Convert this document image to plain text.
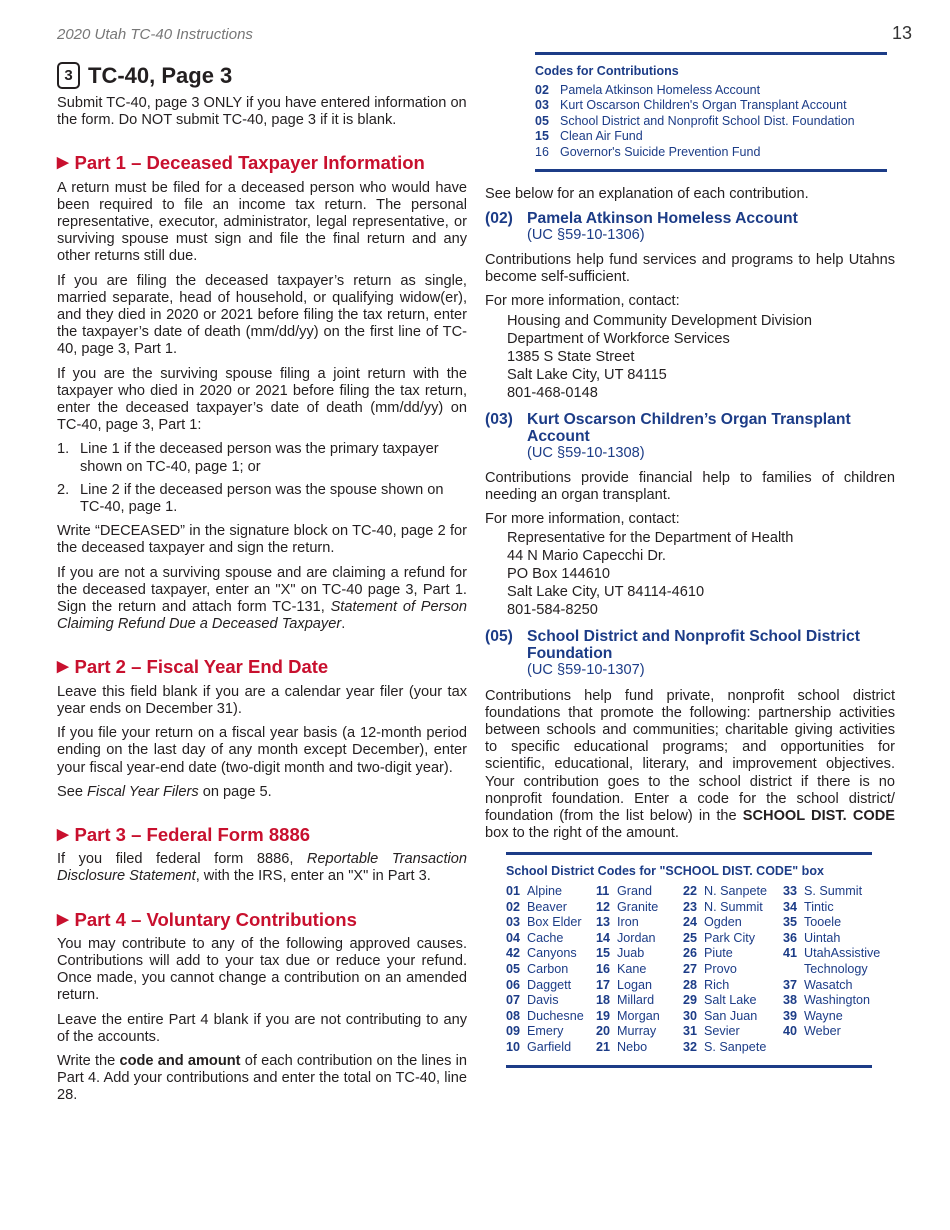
2020 Utah TC-40 Instructions	13
3 TC-40, Page 3

Submit TC-40, page 3 ONLY if you have entered information on the form. Do NOT submit TC-40, page 3 if it is blank.

▶ Part 1 – Deceased Taxpayer Information

A return must be filed for a deceased person who would have been required to file an income tax return. The personal representative, executor, administrator, legal representative, or surviving spouse must sign and file the final return and any other returns still due.

If you are filing the deceased taxpayer’s return as single, married separate, head of household, or qualifying widow(er), and they died in 2020 or 2021 before filing the tax return, enter the taxpayer’s date of death (mm/dd/yy) on the first line of TC-40, page 3, Part 1.

If you are the surviving spouse filing a joint return with the taxpayer who died in 2020 or 2021 before filing the tax return, enter the deceased taxpayer’s date of death (mm/dd/yy) on TC-40, page 3, Part 1:

1. Line 1 if the deceased person was the primary taxpayer shown on TC-40, page 1; or
2. Line 2 if the deceased person was the spouse shown on TC-40, page 1.

Write “DECEASED” in the signature block on TC-40, page 2 for the deceased taxpayer and sign the return.

If you are not a surviving spouse and are claiming a refund for the deceased taxpayer, enter an "X" on TC-40 page 3, Part 1. Sign the return and attach form TC-131, Statement of Person Claiming Refund Due a Deceased Taxpayer.

▶ Part 2 – Fiscal Year End Date

Leave this field blank if you are a calendar year filer (your tax year ends on December 31).

If you file your return on a fiscal year basis (a 12-month period ending on the last day of any month except December), enter your fiscal year-end date (two-digit month and two-digit year).

See Fiscal Year Filers on page 5.

▶ Part 3 – Federal Form 8886

If you filed federal form 8886, Reportable Transaction Disclosure Statement, with the IRS, enter an "X" in Part 3.

▶ Part 4 – Voluntary Contributions

You may contribute to any of the following approved causes. Contributions will add to your tax due or reduce your refund. Once made, you cannot change a contribution on an amended return.

Leave the entire Part 4 blank if you are not contributing to any of the accounts.

Write the code and amount of each contribution on the lines in Part 4. Add your contributions and enter the total on TC-40, line 28.

Codes for Contributions
02 Pamela Atkinson Homeless Account
03 Kurt Oscarson Children's Organ Transplant Account
05 School District and Nonprofit School Dist. Foundation
15 Clean Air Fund
16 Governor's Suicide Prevention Fund

See below for an explanation of each contribution.

(02) Pamela Atkinson Homeless Account
(UC §59-10-1306)

Contributions help fund services and programs to help Utahns become self-sufficient.

For more information, contact:

Housing and Community Development Division
Department of Workforce Services
1385 S State Street
Salt Lake City, UT 84115
801-468-0148
(03) Kurt Oscarson Children’s Organ Transplant
Account
(UC §59-10-1308)

Contributions provide financial help to families of children needing an organ transplant.

For more information, contact:

Representative for the Department of Health
44 N Mario Capecchi Dr.
PO Box 144610
Salt Lake City, UT 84114-4610
801-584-8250
(05) School District and Nonprofit School District
Foundation
(UC §59-10-1307)

Contributions help fund private, nonprofit school district foundations that promote the following: partnership activities between schools and communities; charitable giving activities to specific educational programs; and opportunities for scientific, educational, literary, and improvement objectives. Your contribution goes to the school district if there is no nonprofit foundation. Enter a code for the school district/ foundation (from the list below) in the SCHOOL DIST. CODE box to the right of the amount.

School District Codes for "SCHOOL DIST. CODE" box
01 Alpine
02 Beaver
03 Box Elder
04 Cache
42 Canyons
05 Carbon
06 Daggett
07 Davis
08 Duchesne
09 Emery
10 Garfield
11 Grand
12 Granite
13 Iron
14 Jordan
15 Juab
16 Kane
17 Logan
18 Millard
19 Morgan
20 Murray
21 Nebo
22 N. Sanpete
23 N. Summit
24 Ogden
25 Park City
26 Piute
27 Provo
28 Rich
29 Salt Lake
30 San Juan
31 Sevier
32 S. Sanpete
33 S. Summit
34 Tintic
35 Tooele
36 Uintah
41 UtahAssistive Technology
37 Wasatch
38 Washington
39 Wayne
40 Weber
